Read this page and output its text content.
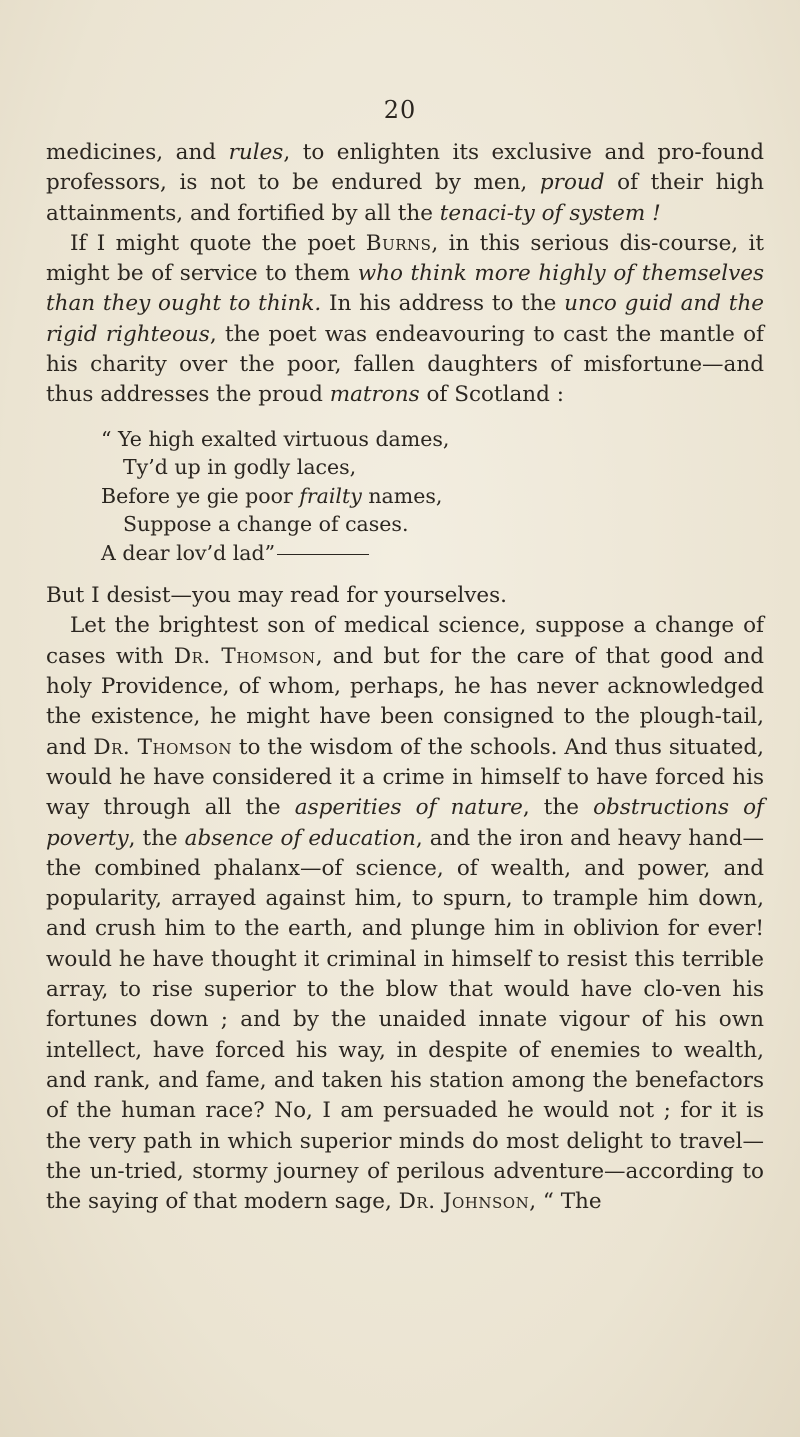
20

medicines, and rules, to enlighten its exclusive and pro-found professors, is not to be endured by men, proud of their high attainments, and fortified by all the tenaci-ty of system !

If I might quote the poet Burns, in this serious dis-course, it might be of service to them who think more highly of themselves than they ought to think. In his address to the unco guid and the rigid righteous, the poet was endeavouring to cast the mantle of his charity over the poor, fallen daughters of misfortune—and thus addresses the proud matrons of Scotland :

“ Ye high exalted virtuous dames,
Ty’d up in godly laces,
Before ye gie poor frailty names,
Suppose a change of cases.
A dear lov’d lad”

But I desist—you may read for yourselves.

Let the brightest son of medical science, suppose a change of cases with Dr. Thomson, and but for the care of that good and holy Providence, of whom, perhaps, he has never acknowledged the existence, he might have been consigned to the plough-tail, and Dr. Thomson to the wisdom of the schools. And thus situated, would he have considered it a crime in himself to have forced his way through all the asperities of nature, the obstructions of poverty, the absence of education, and the iron and heavy hand—the combined phalanx—of science, of wealth, and power, and popularity, arrayed against him, to spurn, to trample him down, and crush him to the earth, and plunge him in oblivion for ever! would he have thought it criminal in himself to resist this terrible array, to rise superior to the blow that would have clo-ven his fortunes down ; and by the unaided innate vigour of his own intellect, have forced his way, in despite of enemies to wealth, and rank, and fame, and taken his station among the benefactors of the human race? No, I am persuaded he would not ; for it is the very path in which superior minds do most delight to travel—the un-tried, stormy journey of perilous adventure—according to the saying of that modern sage, Dr. Johnson, “ The
